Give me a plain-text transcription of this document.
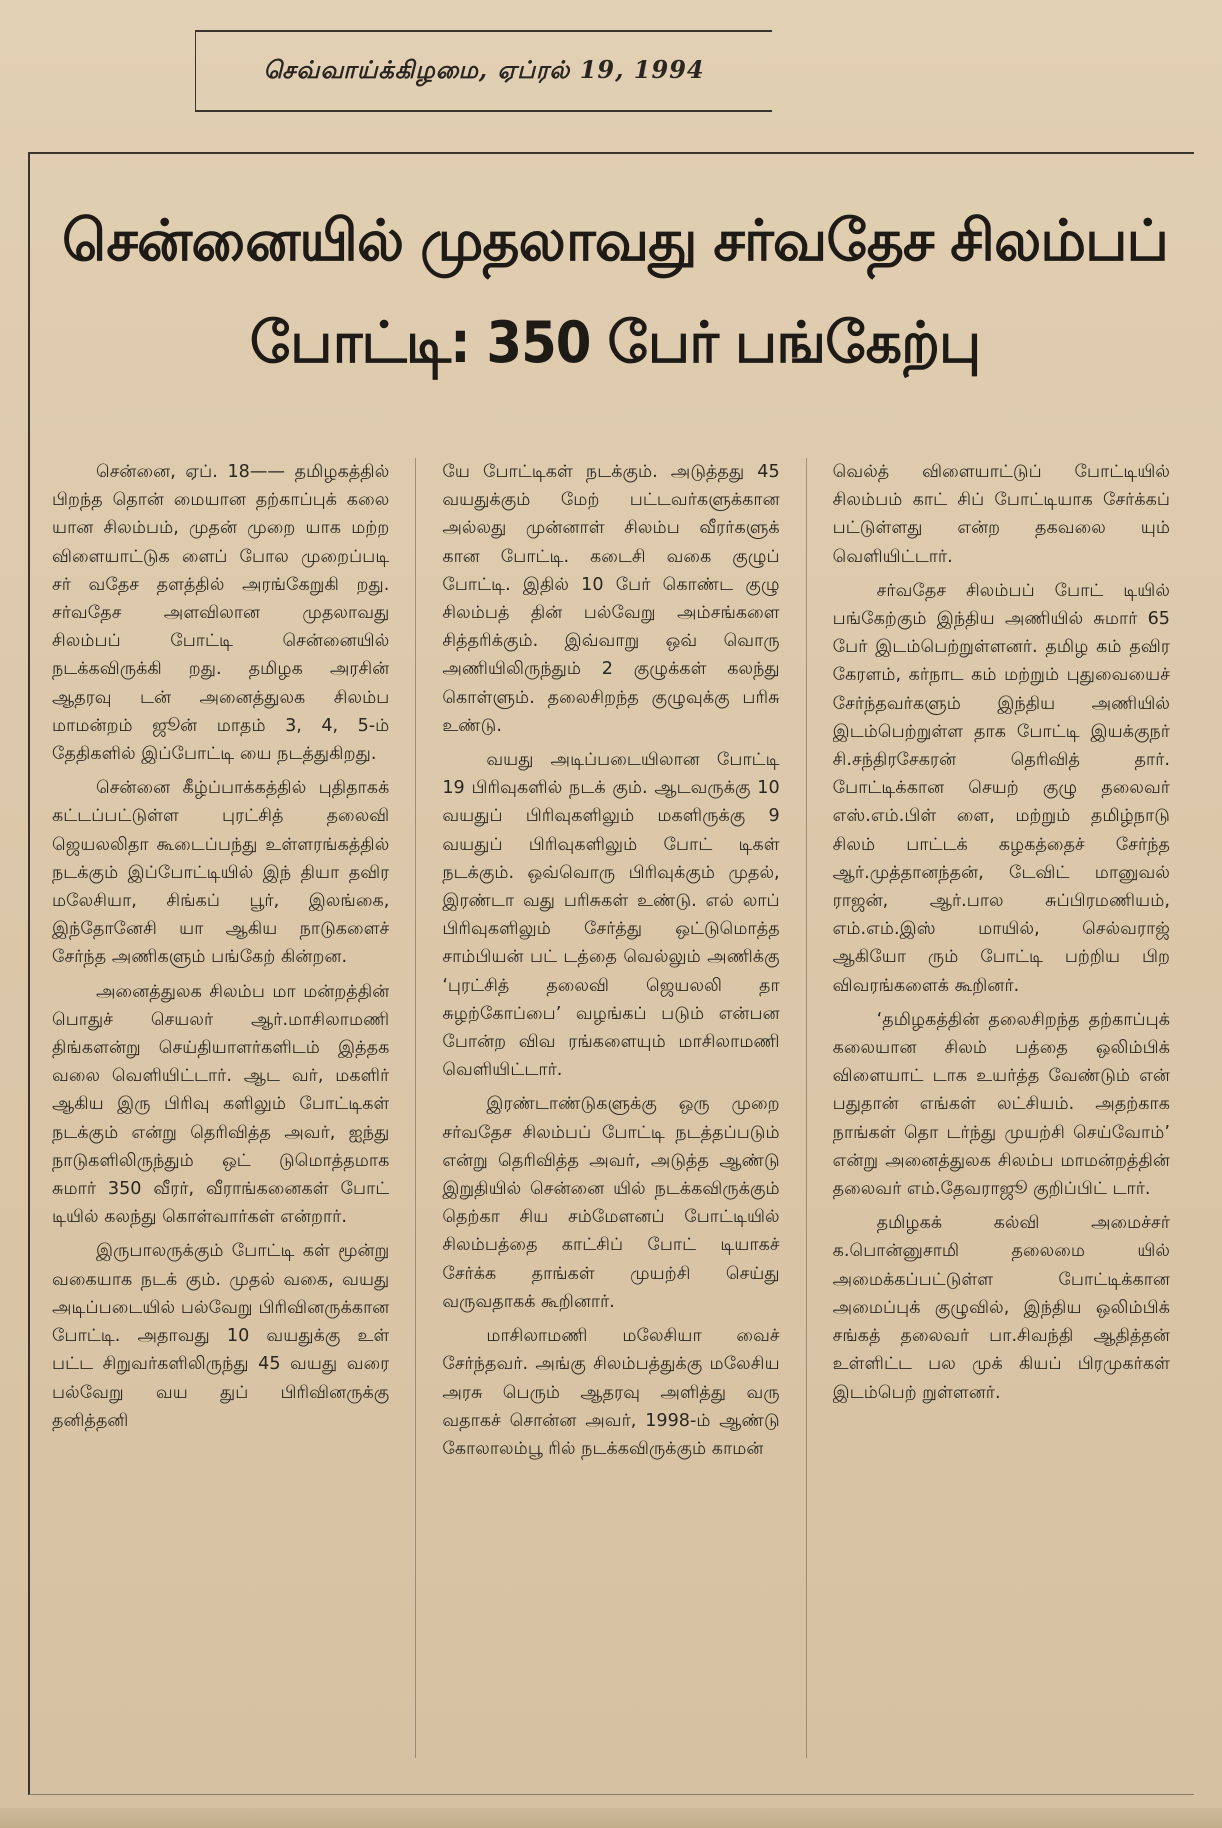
செவ்வாய்க்கிழமை, ஏப்ரல் 19, 1994
சென்னையில் முதலாவது சர்வதேச சிலம்பப்
போட்டி: 350 பேர் பங்கேற்பு

சென்னை, ஏப். 18—— தமிழகத்தில் பிறந்த தொன் மையான தற்காப்புக் கலை யான சிலம்பம், முதன் முறை யாக மற்ற விளையாட்டுக ளைப் போல முறைப்படி சர் வதேச தளத்தில் அரங்கேறுகி றது. சர்வதேச அளவிலான முதலாவது சிலம்பப் போட்டி சென்னையில் நடக்கவிருக்கி றது. தமிழக அரசின் ஆதரவு டன் அனைத்துலக சிலம்ப மாமன்றம் ஜூன் மாதம் 3, 4, 5-ம் தேதிகளில் இப்போட்டி யை நடத்துகிறது.

சென்னை கீழ்ப்பாக்கத்தில் புதிதாகக் கட்டப்பட்டுள்ள புரட்சித் தலைவி ஜெயலலிதா கூடைப்பந்து உள்ளரங்கத்தில் நடக்கும் இப்போட்டியில் இந் தியா தவிர மலேசியா, சிங்கப் பூர், இலங்கை, இந்தோனேசி யா ஆகிய நாடுகளைச் சேர்ந்த அணிகளும் பங்கேற் கின்றன.

அனைத்துலக சிலம்ப மா மன்றத்தின் பொதுச் செயலர் ஆர்.மாசிலாமணி திங்களன்று செய்தியாளர்களிடம் இத்தக வலை வெளியிட்டார். ஆட வர், மகளிர் ஆகிய இரு பிரிவு களிலும் போட்டிகள் நடக்கும் என்று தெரிவித்த அவர், ஐந்து நாடுகளிலிருந்தும் ஒட் டுமொத்தமாக சுமார் 350 வீரர், வீராங்கனைகள் போட் டியில் கலந்து கொள்வார்கள் என்றார்.

இருபாலருக்கும் போட்டி கள் மூன்று வகையாக நடக் கும். முதல் வகை, வயது அடிப்படையில் பல்வேறு பிரிவினருக்கான போட்டி. அதாவது 10 வயதுக்கு உள் பட்ட சிறுவர்களிலிருந்து 45 வயது வரை பல்வேறு வய துப் பிரிவினருக்கு தனித்தனி

யே போட்டிகள் நடக்கும். அடுத்தது 45 வயதுக்கும் மேற் பட்டவர்களுக்கான அல்லது முன்னாள் சிலம்ப வீரர்களுக் கான போட்டி. கடைசி வகை குழுப் போட்டி. இதில் 10 பேர் கொண்ட குழு சிலம்பத் தின் பல்வேறு அம்சங்களை சித்தரிக்கும். இவ்வாறு ஒவ் வொரு அணியிலிருந்தும் 2 குழுக்கள் கலந்து கொள்ளும். தலைசிறந்த குழுவுக்கு பரிசு உண்டு.

வயது அடிப்படையிலான போட்டி 19 பிரிவுகளில் நடக் கும். ஆடவருக்கு 10 வயதுப் பிரிவுகளிலும் மகளிருக்கு 9 வயதுப் பிரிவுகளிலும் போட் டிகள் நடக்கும். ஒவ்வொரு பிரிவுக்கும் முதல், இரண்டா வது பரிசுகள் உண்டு. எல் லாப் பிரிவுகளிலும் சேர்த்து ஒட்டுமொத்த சாம்பியன் பட் டத்தை வெல்லும் அணிக்கு ‘புரட்சித் தலைவி ஜெயலலி தா சுழற்கோப்பை’ வழங்கப் படும் என்பன போன்ற விவ ரங்களையும் மாசிலாமணி வெளியிட்டார்.

இரண்டாண்டுகளுக்கு ஒரு முறை சர்வதேச சிலம்பப் போட்டி நடத்தப்படும் என்று தெரிவித்த அவர், அடுத்த ஆண்டு இறுதியில் சென்னை யில் நடக்கவிருக்கும் தெற்கா சிய சம்மேளனப் போட்டியில் சிலம்பத்தை காட்சிப் போட் டியாகச் சேர்க்க தாங்கள் முயற்சி செய்து வருவதாகக் கூறினார்.

மாசிலாமணி மலேசியா வைச் சேர்ந்தவர். அங்கு சிலம்பத்துக்கு மலேசிய அரசு பெரும் ஆதரவு அளித்து வரு வதாகச் சொன்ன அவர், 1998-ம் ஆண்டு கோலாலம்பூ ரில் நடக்கவிருக்கும் காமன்

வெல்த் விளையாட்டுப் போட்டியில் சிலம்பம் காட் சிப் போட்டியாக சேர்க்கப் பட்டுள்ளது என்ற தகவலை யும் வெளியிட்டார்.

சர்வதேச சிலம்பப் போட் டியில் பங்கேற்கும் இந்திய அணியில் சுமார் 65 பேர் இடம்பெற்றுள்ளனர். தமிழ கம் தவிர கேரளம், கர்நாட கம் மற்றும் புதுவையைச் சேர்ந்தவர்களும் இந்திய அணியில் இடம்பெற்றுள்ள தாக போட்டி இயக்குநர் சி.சந்திரசேகரன் தெரிவித் தார். போட்டிக்கான செயற் குழு தலைவர் எஸ்.எம்.பிள் ளை, மற்றும் தமிழ்நாடு சிலம் பாட்டக் கழகத்தைச் சேர்ந்த ஆர்.முத்தானந்தன், டேவிட் மானுவல் ராஜன், ஆர்.பால சுப்பிரமணியம், எம்.எம்.இஸ் மாயில், செல்வராஜ் ஆகியோ ரும் போட்டி பற்றிய பிற விவரங்களைக் கூறினர்.

‘தமிழகத்தின் தலைசிறந்த தற்காப்புக் கலையான சிலம் பத்தை ஒலிம்பிக் விளையாட் டாக உயர்த்த வேண்டும் என் பதுதான் எங்கள் லட்சியம். அதற்காக நாங்கள் தொ டர்ந்து முயற்சி செய்வோம்’ என்று அனைத்துலக சிலம்ப மாமன்றத்தின் தலைவர் எம்.தேவராஜூ குறிப்பிட் டார்.

தமிழகக் கல்வி அமைச்சர் க.பொன்னுசாமி தலைமை யில் அமைக்கப்பட்டுள்ள போட்டிக்கான அமைப்புக் குழுவில், இந்திய ஒலிம்பிக் சங்கத் தலைவர் பா.சிவந்தி ஆதித்தன் உள்ளிட்ட பல முக் கியப் பிரமுகர்கள் இடம்பெற் றுள்ளனர்.
